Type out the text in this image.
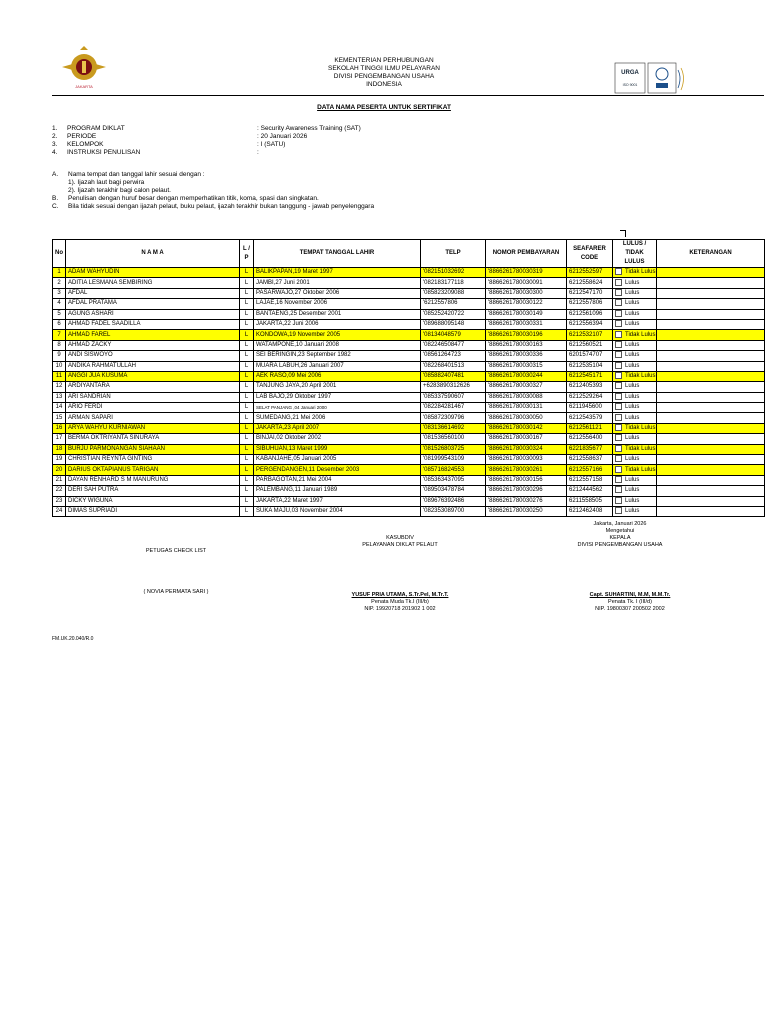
JAKARTA
URGA
ISO 9001
KEMENTERIAN PERHUBUNGAN
SEKOLAH TINGGI ILMU PELAYARAN
DIVISI PENGEMBANGAN USAHA
INDONESIA
DATA NAMA PESERTA UNTUK SERTIFIKAT
1.	PROGRAM DIKLAT	: Security Awareness Training (SAT)
2.	PERIODE	: 20 Januari 2026
3.	KELOMPOK	: I (SATU)
4.	INSTRUKSI PENULISAN	:
A.	Nama tempat dan tanggal lahir sesuai dengan :
1). Ijazah laut bagi perwira
2). Ijazah terakhir bagi calon pelaut.
B.	Penulisan dengan huruf besar dengan memperhatikan titik, koma, spasi dan singkatan.
C.	Bila tidak sesuai dengan ijazah pelaut, buku pelaut, ijazah terakhir bukan tanggung - jawab penyelenggara
No	N A M A	L / P	TEMPAT TANGGAL LAHIR	TELP	NOMOR PEMBAYARAN	SEAFARER CODE	LULUS / TIDAK LULUS	KETERANGAN
1	ADAM WAHYUDIN	L	BALIKPAPAN,19 Maret 1997	'082151032692	'8866261780030319	6212552597	Tidak Lulus	
2	ADITIA LESMANA SEMBIRING	L	JAMBI,27 Juni 2001	'082183177118	'8866261780030091	6212558624	Lulus	
3	AFDAL	L	PASARWAJO,27 Oktober 2006	'085823209088	'8866261780030300	6212547170	Lulus	
4	AFDAL PRATAMA	L	LAJAE,16 November 2006	'6212557806	'8866261780030122	6212557806	Lulus	
5	AGUNG ASHARI	L	BANTAENG,25 Desember 2001	'085252420722	'8866261780030149	6212561096	Lulus	
6	AHMAD FADEL SAADILLA	L	JAKARTA,22 Juni 2006	'089688095148	'8866261780030331	6212556394	Lulus	
7	AHMAD FAREL	L	KONDOWA,19 November 2005	'08134048579	'8866261780030196	6212532107	Tidak Lulus	
8	AHMAD ZACKY	L	WATAMPONE,10 Januari 2008	'082246508477	'8866261780030163	6212560521	Lulus	
9	ANDI SISWOYO	L	SEI BERINGIN,23 September 1982	'08561264723	'8866261780030336	6201574707	Lulus	
10	ANDIKA RAHMATULLAH	L	MUARA LABUH,26 Januari 2007	'082268401513	'8866261780030315	6212535104	Lulus	
11	ANGGI JUA KUSUMA	L	AEK RASO,09 Mei 2006	'085882407481	'8866261780030244	6212545171	Tidak Lulus	
12	ARDIYANTARA	L	TANJUNG JAYA,20 April 2001	+6283890312626	'8866261780030327	6212405393	Lulus	
13	ARI SANDRIAN	L	LAB BAJO,29 Oktober 1997	'085337590607	'8866261780030088	6212529264	Lulus	
14	ARIO FERDI	L	SELAT PANJANG ,04 Januari 2000	'082284281467	'8866261780030131	6211945600	Lulus	
15	ARMAN SAPARI	L	SUMEDANG,21 Mei 2006	'085872309796	'8866261780030050	6212543579	Lulus	
16	ARYA WAHYU KURNIAWAN	L	JAKARTA,23 April 2007	'083136614692	'8866261780030142	6212561121	Tidak Lulus	
17	BERMA OKTRIYANTA SINURAYA	L	BINJAI,02 Oktober 2002	'081536560100	'8866261780030167	6212556400	Lulus	
18	BURJU PARMONANGAN SIAHAAN	L	SIBUHUAN,13 Maret 1999	'081526803725	'8866261780030324	6221835677	Tidak Lulus	
19	CHRISTIAN REYNTA GINTING	L	KABANJAHE,05 Januari 2005	'081999543109	'8866261780030093	6212558637	Lulus	
20	DARIUS OKTAPIANUS TARIGAN	L	PERGENDANGEN,11 Desember 2003	'085716824553	'8866261780030261	6212557166	Tidak Lulus	
21	DAYAN RENHARD S M MANURUNG	L	PARBAGOTAN,21 Mei 2004	'085363437095	'8866261780030156	6212557158	Lulus	
22	DERI SAH PUTRA	L	PALEMBANG,11 Januari 1989	'089503478784	'8866261780030296	6212444562	Lulus	
23	DICKY WIGUNA	L	JAKARTA,22 Maret 1997	'089676392486	'8866261780030276	6211558505	Lulus	
24	DIMAS SUPRIADI	L	SUKA MAJU,03 November 2004	'082353089700	'8866261780030250	6212462408	Lulus	
Jakarta, Januari 2026
Mengetahui
KEPALA
DIVISI PENGEMBANGAN USAHA
KASUBDIV
PELAYANAN DIKLAT PELAUT
PETUGAS CHECK LIST
( NOVIA PERMATA SARI )	YUSUF PRIA UTAMA, S.Tr.Pel, M.Tr.T.
Penata Muda Tk.I (III/b)
NIP. 19920718 201902 1 002
Capt. SUHARTINI, M.M, M.M.Tr.
Penata Tk. I (III/d)
NIP. 19800307 200502 2002
FM.UK.20.040/R.0
